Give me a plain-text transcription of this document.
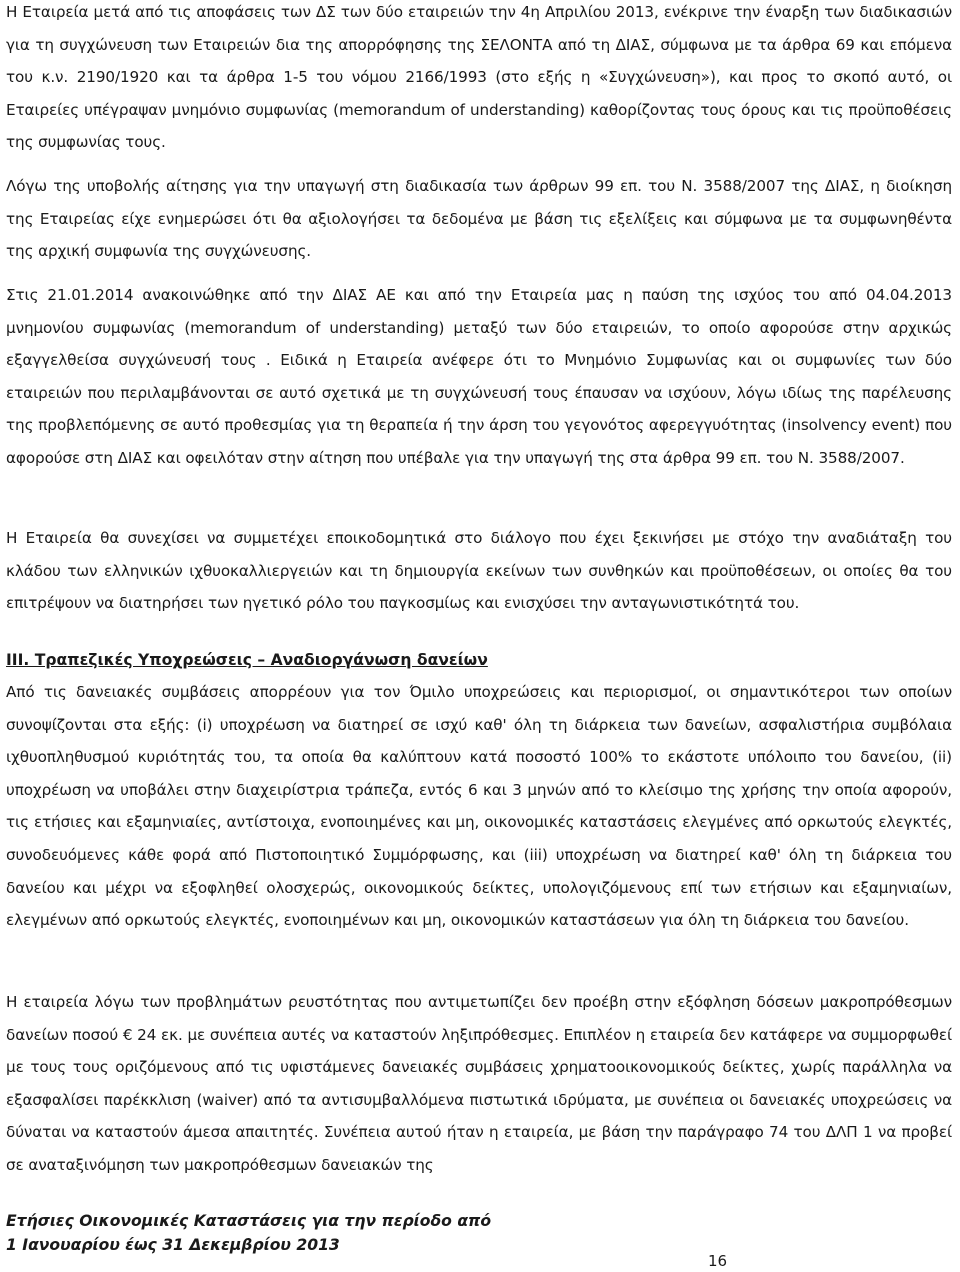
Η Εταιρεία μετά από τις αποφάσεις των ΔΣ των δύο εταιρειών την 4η Απριλίου 2013, ενέκρινε την έναρξη των διαδικασιών για τη συγχώνευση των Εταιρειών δια της απορρόφησης της ΣΕΛΟΝΤΑ από τη ΔΙΑΣ, σύμφωνα με τα άρθρα 69 και επόμενα του κ.ν. 2190/1920 και τα άρθρα 1-5 του νόμου 2166/1993 (στο εξής η «Συγχώνευση»), και προς το σκοπό αυτό, οι Εταιρείες υπέγραψαν μνημόνιο συμφωνίας (memorandum of understanding) καθορίζοντας τους όρους και τις προϋποθέσεις της συμφωνίας τους.

Λόγω της υποβολής αίτησης για την υπαγωγή στη διαδικασία των άρθρων 99 επ. του Ν. 3588/2007 της ΔΙΑΣ, η διοίκηση της Εταιρείας είχε ενημερώσει ότι θα αξιολογήσει τα δεδομένα με βάση τις εξελίξεις και σύμφωνα με τα συμφωνηθέντα της αρχική συμφωνία της συγχώνευσης.

Στις 21.01.2014 ανακοινώθηκε από την ΔΙΑΣ ΑΕ και από την Εταιρεία μας η παύση της ισχύος του από 04.04.2013 μνημονίου συμφωνίας (memorandum of understanding) μεταξύ των δύο εταιρειών, το οποίο αφορούσε στην αρχικώς εξαγγελθείσα συγχώνευσή τους . Ειδικά η Εταιρεία ανέφερε ότι το Μνημόνιο Συμφωνίας και οι συμφωνίες των δύο εταιρειών που περιλαμβάνονται σε αυτό σχετικά με τη συγχώνευσή τους έπαυσαν να ισχύουν, λόγω ιδίως της παρέλευσης της προβλεπόμενης σε αυτό προθεσμίας για τη θεραπεία ή την άρση του γεγονότος αφερεγγυότητας (insolvency event) που αφορούσε στη ΔΙΑΣ και οφειλόταν στην αίτηση που υπέβαλε για την υπαγωγή της στα άρθρα 99 επ. του Ν. 3588/2007.

Η Εταιρεία θα συνεχίσει να συμμετέχει εποικοδομητικά στο διάλογο που έχει ξεκινήσει με στόχο την αναδιάταξη του κλάδου των ελληνικών ιχθυοκαλλιεργειών και τη δημιουργία εκείνων των συνθηκών και προϋποθέσεων, οι οποίες θα του επιτρέψουν να διατηρήσει των ηγετικό ρόλο του παγκοσμίως και ενισχύσει την ανταγωνιστικότητά του.

III. Τραπεζικές Υποχρεώσεις – Αναδιοργάνωση δανείων

Από τις δανειακές συμβάσεις απορρέουν για τον Όμιλο υποχρεώσεις και περιορισμοί, οι σημαντικότεροι των οποίων συνοψίζονται στα εξής: (i) υποχρέωση να διατηρεί σε ισχύ καθ' όλη τη διάρκεια των δανείων, ασφαλιστήρια συμβόλαια ιχθυοπληθυσμού κυριότητάς του, τα οποία θα καλύπτουν κατά ποσοστό 100% το εκάστοτε υπόλοιπο του δανείου, (ii) υποχρέωση να υποβάλει στην διαχειρίστρια τράπεζα, εντός 6 και 3 μηνών από το κλείσιμο της χρήσης την οποία αφορούν, τις ετήσιες και εξαμηνιαίες, αντίστοιχα, ενοποιημένες και μη, οικονομικές καταστάσεις ελεγμένες από ορκωτούς ελεγκτές, συνοδευόμενες κάθε φορά από Πιστοποιητικό Συμμόρφωσης, και (iii) υποχρέωση να διατηρεί καθ' όλη τη διάρκεια του δανείου και μέχρι να εξοφληθεί ολοσχερώς, οικονομικούς δείκτες, υπολογιζόμενους επί των ετήσιων και εξαμηνιαίων, ελεγμένων από ορκωτούς ελεγκτές, ενοποιημένων και μη, οικονομικών καταστάσεων για όλη τη διάρκεια του δανείου.

Η εταιρεία λόγω των προβλημάτων ρευστότητας που αντιμετωπίζει δεν προέβη στην εξόφληση δόσεων μακροπρόθεσμων δανείων ποσού € 24 εκ. με συνέπεια αυτές να καταστούν ληξιπρόθεσμες. Επιπλέον η εταιρεία δεν κατάφερε να συμμορφωθεί με τους τους οριζόμενους από τις υφιστάμενες δανειακές συμβάσεις χρηματοοικονομικούς δείκτες, χωρίς παράλληλα να εξασφαλίσει παρέκκλιση (waiver) από τα αντισυμβαλλόμενα πιστωτικά ιδρύματα, με συνέπεια οι δανειακές υποχρεώσεις να δύναται να καταστούν άμεσα απαιτητές. Συνέπεια αυτού ήταν η εταιρεία, με βάση την παράγραφο 74 του ΔΛΠ 1 να προβεί σε αναταξινόμηση των μακροπρόθεσμων δανειακών της

Ετήσιες Οικονομικές Καταστάσεις για την περίοδο από
1 Ιανουαρίου έως 31 Δεκεμβρίου 2013
16
